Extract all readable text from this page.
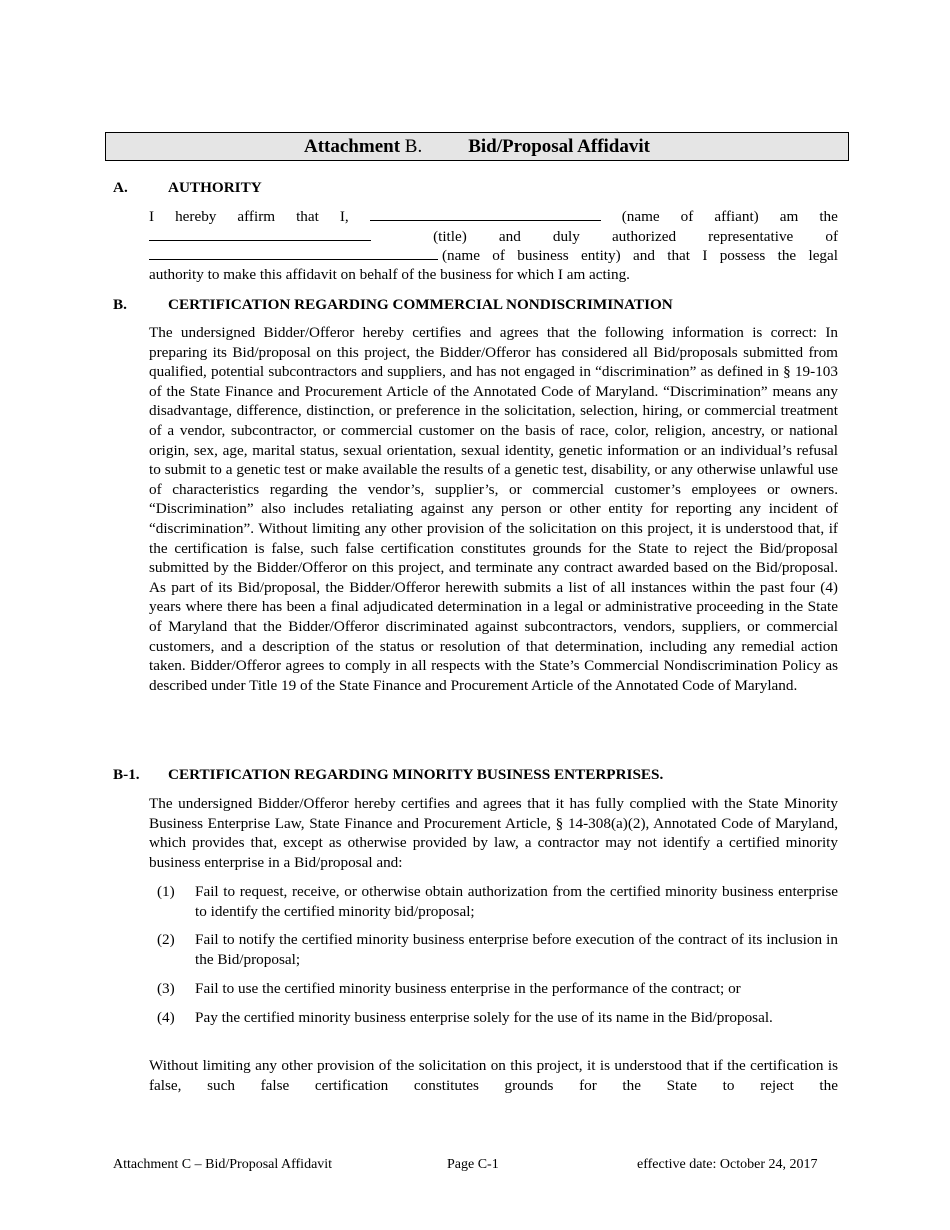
Attachment B. Bid/Proposal Affidavit
A.	AUTHORITY
I hereby affirm that I,	(name of affiant) am the
(title) and duly authorized representative of
(name of business entity) and that I possess the legal
authority to make this affidavit on behalf of the business for which I am acting.
B.	CERTIFICATION REGARDING COMMERCIAL NONDISCRIMINATION
The undersigned Bidder/Offeror hereby certifies and agrees that the following information is correct: In preparing its Bid/proposal on this project, the Bidder/Offeror has considered all Bid/proposals submitted from qualified, potential subcontractors and suppliers, and has not engaged in “discrimination” as defined in § 19-103 of the State Finance and Procurement Article of the Annotated Code of Maryland. “Discrimination” means any disadvantage, difference, distinction, or preference in the solicitation, selection, hiring, or commercial treatment of a vendor, subcontractor, or commercial customer on the basis of race, color, religion, ancestry, or national origin, sex, age, marital status, sexual orientation, sexual identity, genetic information or an individual’s refusal to submit to a genetic test or make available the results of a genetic test, disability, or any otherwise unlawful use of characteristics regarding the vendor’s, supplier’s, or commercial customer’s employees or owners. “Discrimination” also includes retaliating against any person or other entity for reporting any incident of “discrimination”. Without limiting any other provision of the solicitation on this project, it is understood that, if the certification is false, such false certification constitutes grounds for the State to reject the Bid/proposal submitted by the Bidder/Offeror on this project, and terminate any contract awarded based on the Bid/proposal. As part of its Bid/proposal, the Bidder/Offeror herewith submits a list of all instances within the past four (4) years where there has been a final adjudicated determination in a legal or administrative proceeding in the State of Maryland that the Bidder/Offeror discriminated against subcontractors, vendors, suppliers, or commercial customers, and a description of the status or resolution of that determination, including any remedial action taken. Bidder/Offeror agrees to comply in all respects with the State’s Commercial Nondiscrimination Policy as described under Title 19 of the State Finance and Procurement Article of the Annotated Code of Maryland.
B-1. CERTIFICATION REGARDING MINORITY BUSINESS ENTERPRISES.
The undersigned Bidder/Offeror hereby certifies and agrees that it has fully complied with the State Minority Business Enterprise Law, State Finance and Procurement Article, § 14-308(a)(2), Annotated Code of Maryland, which provides that, except as otherwise provided by law, a contractor may not identify a certified minority business enterprise in a Bid/proposal and:
(1) Fail to request, receive, or otherwise obtain authorization from the certified minority business enterprise to identify the certified minority bid/proposal;
(2) Fail to notify the certified minority business enterprise before execution of the contract of its inclusion in the Bid/proposal;
(3) Fail to use the certified minority business enterprise in the performance of the contract; or
(4) Pay the certified minority business enterprise solely for the use of its name in the Bid/proposal.
Without limiting any other provision of the solicitation on this project, it is understood that if the certification is false, such false certification constitutes grounds for the State to reject the
Attachment C – Bid/Proposal Affidavit	Page C-1	effective date: October 24, 2017
